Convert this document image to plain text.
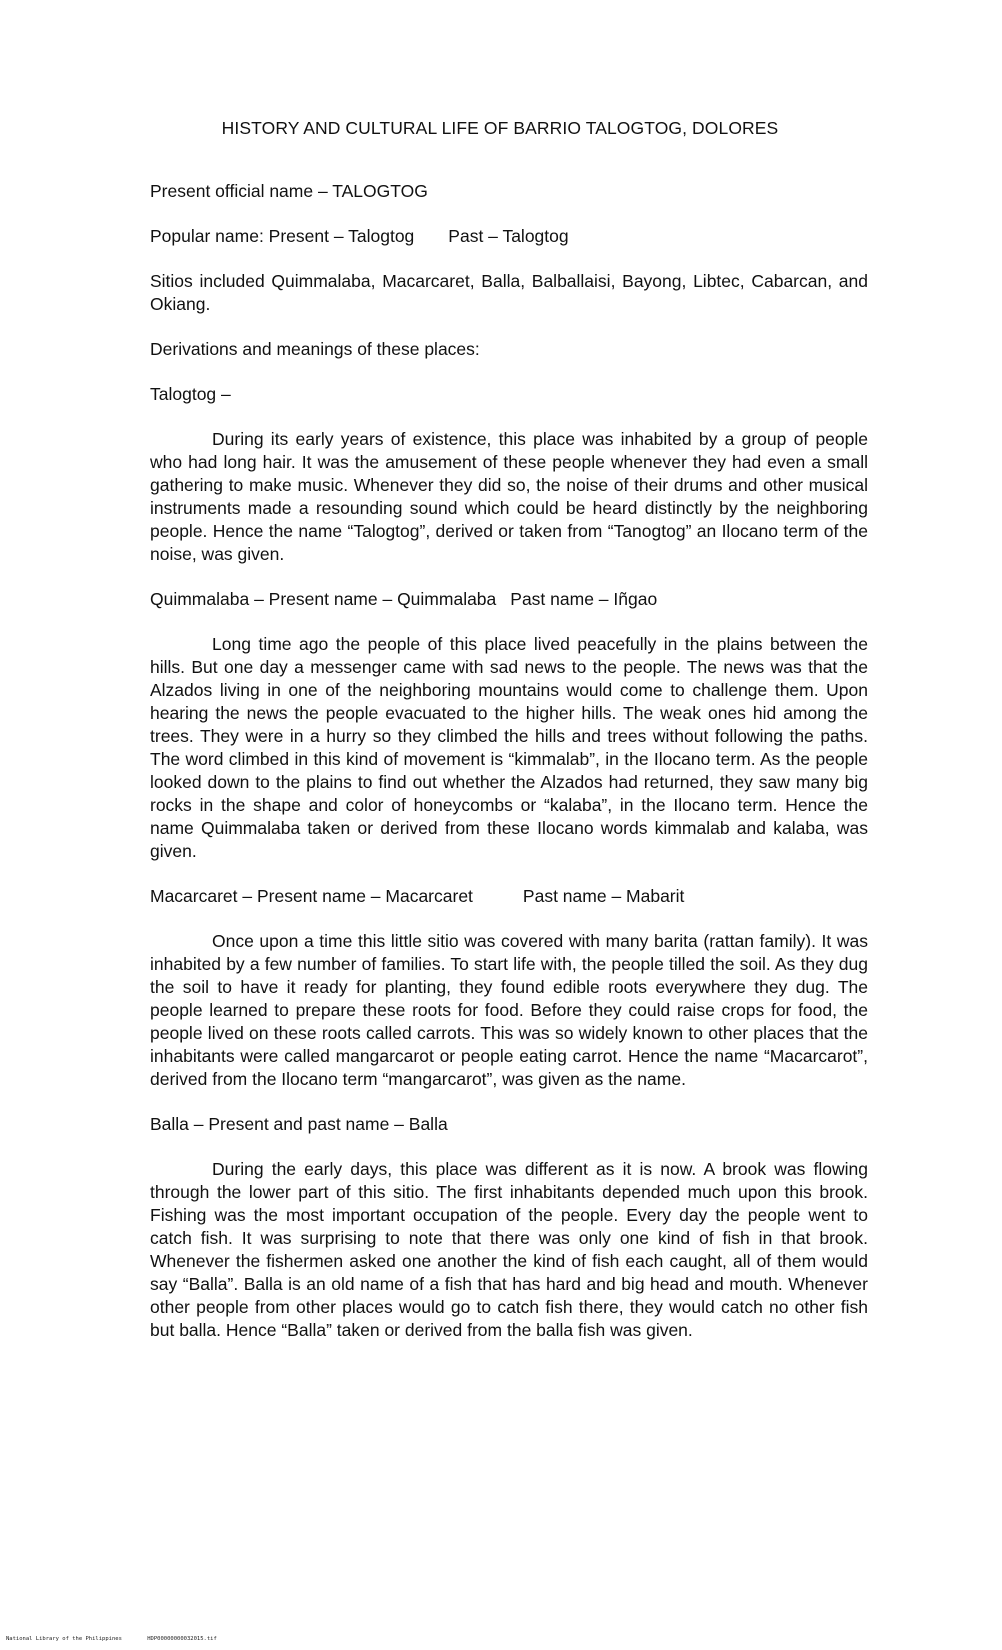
HISTORY AND CULTURAL LIFE OF BARRIO TALOGTOG, DOLORES
Present official name – TALOGTOG
Popular name: Present – Talogtog Past – Talogtog
Sitios included Quimmalaba, Macarcaret, Balla, Balballaisi, Bayong, Libtec, Cabarcan, and Okiang.
Derivations and meanings of these places:
Talogtog –
During its early years of existence, this place was inhabited by a group of people who had long hair. It was the amusement of these people whenever they had even a small gathering to make music. Whenever they did so, the noise of their drums and other musical instruments made a resounding sound which could be heard distinctly by the neighboring people. Hence the name “Talogtog”, derived or taken from “Tanogtog” an Ilocano term of the noise, was given.
Quimmalaba – Present name – Quimmalaba Past name – Iñgao
Long time ago the people of this place lived peacefully in the plains between the hills. But one day a messenger came with sad news to the people. The news was that the Alzados living in one of the neighboring mountains would come to challenge them. Upon hearing the news the people evacuated to the higher hills. The weak ones hid among the trees. They were in a hurry so they climbed the hills and trees without following the paths. The word climbed in this kind of movement is “kimmalab”, in the Ilocano term. As the people looked down to the plains to find out whether the Alzados had returned, they saw many big rocks in the shape and color of honeycombs or “kalaba”, in the Ilocano term. Hence the name Quimmalaba taken or derived from these Ilocano words kimmalab and kalaba, was given.
Macarcaret – Present name – Macarcaret	Past name – Mabarit
Once upon a time this little sitio was covered with many barita (rattan family). It was inhabited by a few number of families. To start life with, the people tilled the soil. As they dug the soil to have it ready for planting, they found edible roots everywhere they dug. The people learned to prepare these roots for food. Before they could raise crops for food, the people lived on these roots called carrots. This was so widely known to other places that the inhabitants were called mangarcarot or people eating carrot. Hence the name “Macarcarot”, derived from the Ilocano term “mangarcarot”, was given as the name.
Balla – Present and past name – Balla
During the early days, this place was different as it is now. A brook was flowing through the lower part of this sitio. The first inhabitants depended much upon this brook. Fishing was the most important occupation of the people. Every day the people went to catch fish. It was surprising to note that there was only one kind of fish in that brook. Whenever the fishermen asked one another the kind of fish each caught, all of them would say “Balla”. Balla is an old name of a fish that has hard and big head and mouth. Whenever other people from other places would go to catch fish there, they would catch no other fish but balla. Hence “Balla” taken or derived from the balla fish was given.
National Library of the Philippines	HDP00000000032015.tif
